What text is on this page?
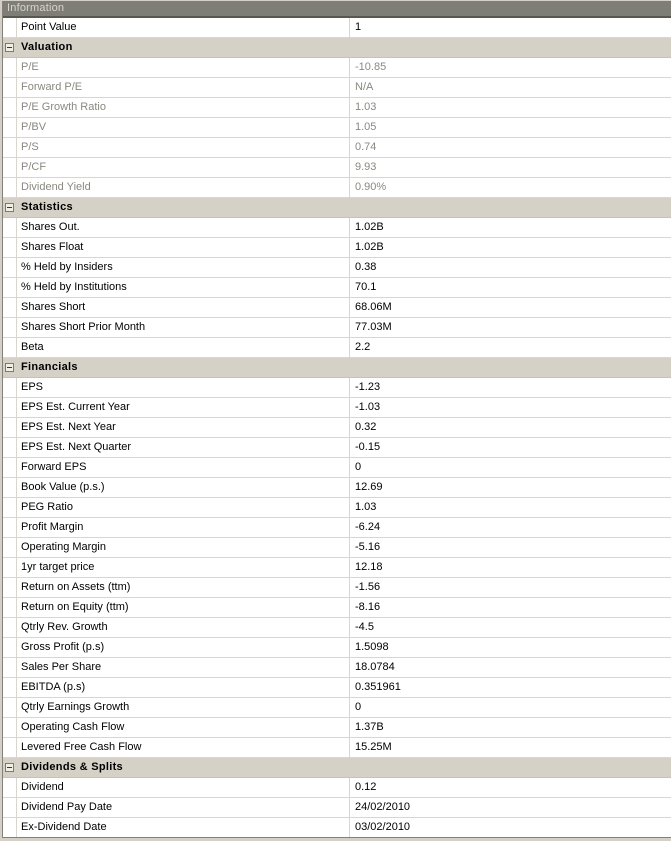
Information
Point Value	1
Valuation
P/E	-10.85
Forward P/E	N/A
P/E Growth Ratio	1.03
P/BV	1.05
P/S	0.74
P/CF	9.93
Dividend Yield	0.90%
Statistics
Shares Out.	1.02B
Shares Float	1.02B
% Held by Insiders	0.38
% Held by Institutions	70.1
Shares Short	68.06M
Shares Short Prior Month	77.03M
Beta	2.2
Financials
EPS	-1.23
EPS Est. Current Year	-1.03
EPS Est. Next Year	0.32
EPS Est. Next Quarter	-0.15
Forward EPS	0
Book Value (p.s.)	12.69
PEG Ratio	1.03
Profit Margin	-6.24
Operating Margin	-5.16
1yr target price	12.18
Return on Assets (ttm)	-1.56
Return on Equity (ttm)	-8.16
Qtrly Rev. Growth	-4.5
Gross Profit (p.s)	1.5098
Sales Per Share	18.0784
EBITDA (p.s)	0.351961
Qtrly Earnings Growth	0
Operating Cash Flow	1.37B
Levered Free Cash Flow	15.25M
Dividends & Splits
Dividend	0.12
Dividend Pay Date	24/02/2010
Ex-Dividend Date	03/02/2010
